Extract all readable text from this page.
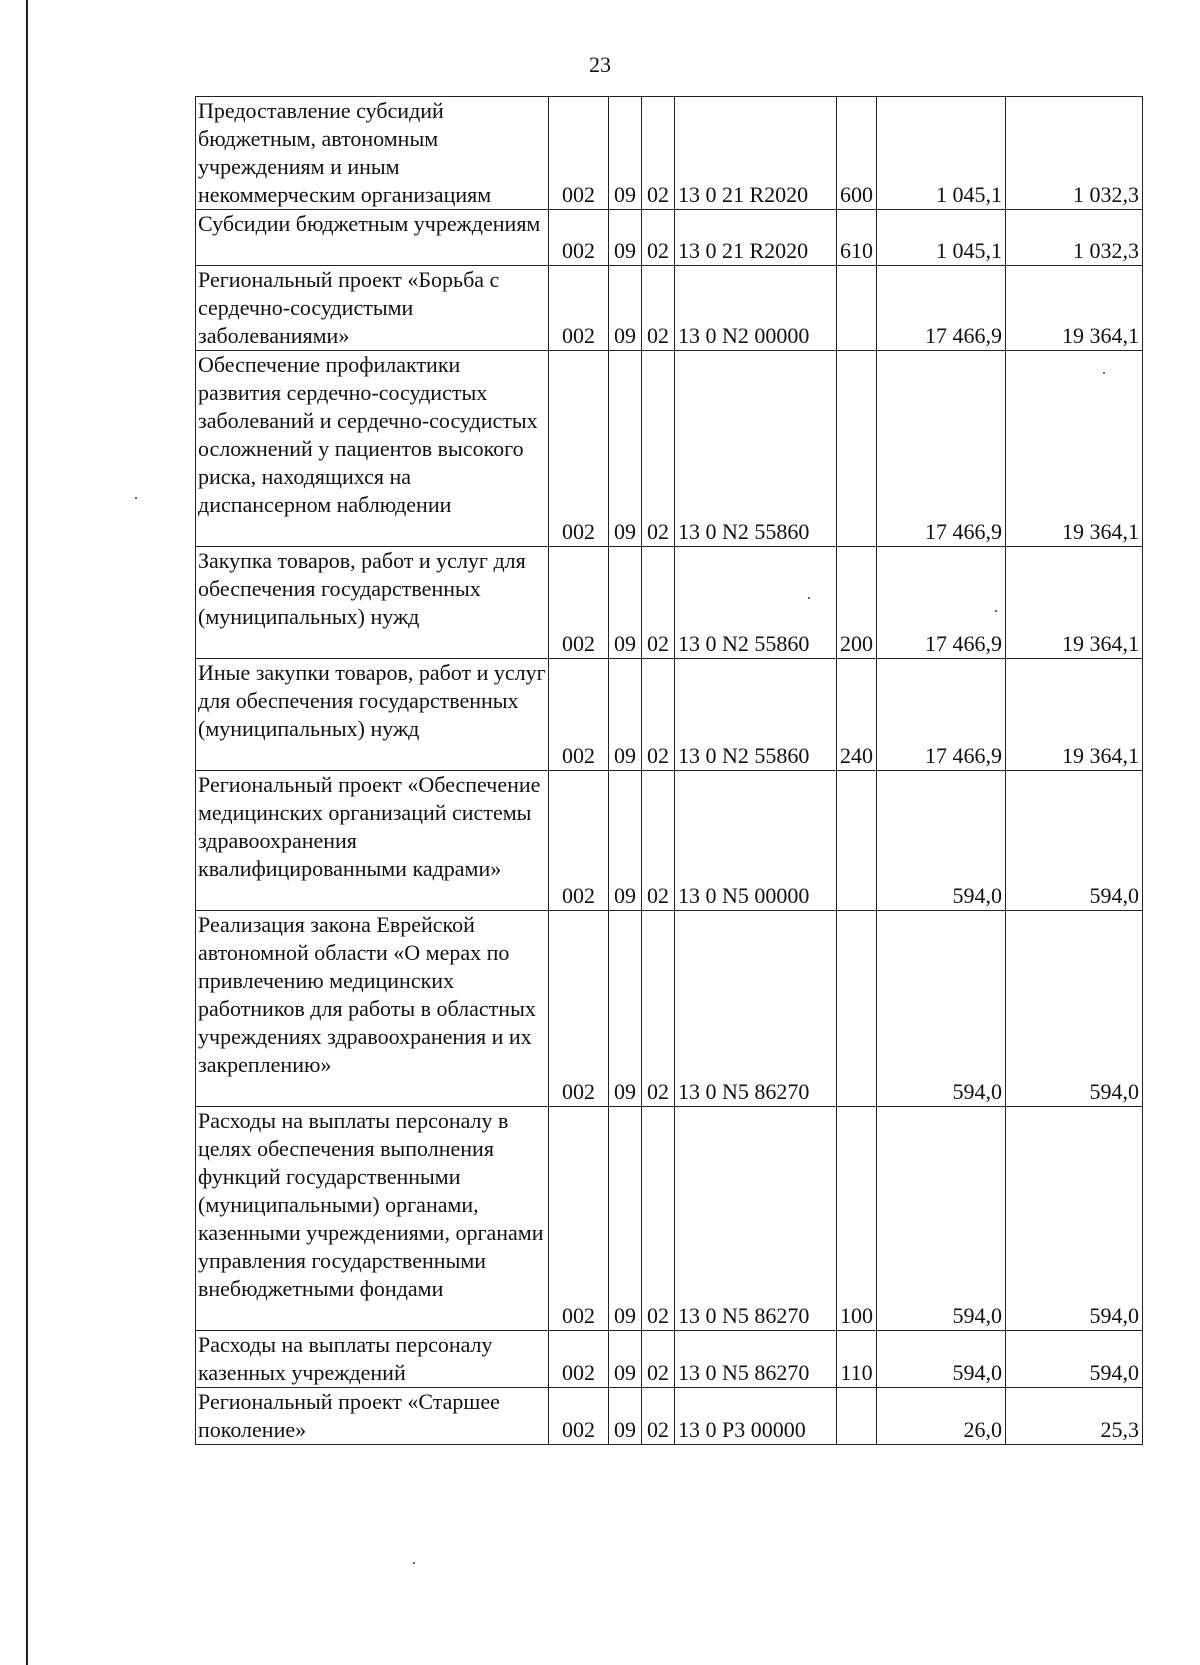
23
Предоставление субсидий бюджетным, автономным учреждениям и иным некоммерческим организациям	002	09	02	13 0 21 R2020	600	1 045,1	1 032,3
Субсидии бюджетным учреждениям	002	09	02	13 0 21 R2020	610	1 045,1	1 032,3
Региональный проект «Борьба с сердечно-сосудистыми заболеваниями»	002	09	02	13 0 N2 00000		17 466,9	19 364,1
Обеспечение профилактики развития сердечно-сосудистых заболеваний и сердечно-сосудистых осложнений у пациентов высокого риска, находящихся на диспансерном наблюдении	002	09	02	13 0 N2 55860		17 466,9	19 364,1
Закупка товаров, работ и услуг для обеспечения государственных (муниципальных) нужд	002	09	02	13 0 N2 55860	200	17 466,9	19 364,1
Иные закупки товаров, работ и услуг для обеспечения государственных (муниципальных) нужд	002	09	02	13 0 N2 55860	240	17 466,9	19 364,1
Региональный проект «Обеспечение медицинских организаций системы здравоохранения квалифицированными кадрами»	002	09	02	13 0 N5 00000		594,0	594,0
Реализация закона Еврейской автономной области «О мерах по привлечению медицинских работников для работы в областных учреждениях здравоохранения и их закреплению»	002	09	02	13 0 N5 86270		594,0	594,0
Расходы на выплаты персоналу в целях обеспечения выполнения функций государственными (муниципальными) органами, казенными учреждениями, органами управления государственными внебюджетными фондами	002	09	02	13 0 N5 86270	100	594,0	594,0
Расходы на выплаты персоналу казенных учреждений	002	09	02	13 0 N5 86270	110	594,0	594,0
Региональный проект «Старшее поколение»	002	09	02	13 0 P3 00000		26,0	25,3
